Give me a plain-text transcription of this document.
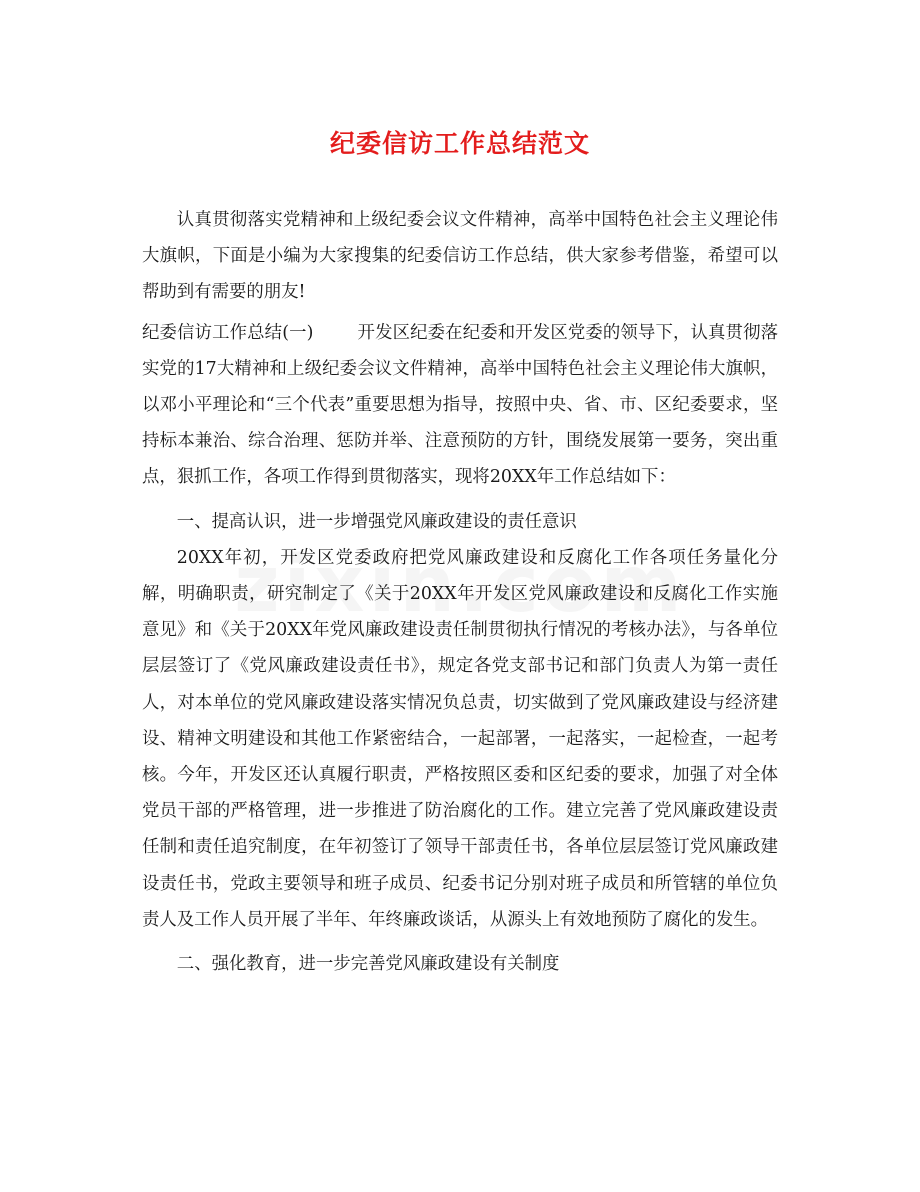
纪委信访工作总结范文

认真贯彻落实党精神和上级纪委会议文件精神，高举中国特色社会主义理论伟大旗帜，下面是小编为大家搜集的纪委信访工作总结，供大家参考借鉴，希望可以帮助到有需要的朋友!

纪委信访工作总结(一)	开发区纪委在纪委和开发区党委的领导下，认真贯彻落实党的17大精神和上级纪委会议文件精神，高举中国特色社会主义理论伟大旗帜，以邓小平理论和“三个代表”重要思想为指导，按照中央、省、市、区纪委要求，坚持标本兼治、综合治理、惩防并举、注意预防的方针，围绕发展第一要务，突出重点，狠抓工作，各项工作得到贯彻落实，现将20XX年工作总结如下：

一、提高认识，进一步增强党风廉政建设的责任意识

20XX年初，开发区党委政府把党风廉政建设和反腐化工作各项任务量化分解，明确职责，研究制定了《关于20XX年开发区党风廉政建设和反腐化工作实施意见》和《关于20XX年党风廉政建设责任制贯彻执行情况的考核办法》，与各单位层层签订了《党风廉政建设责任书》，规定各党支部书记和部门负责人为第一责任人，对本单位的党风廉政建设落实情况负总责，切实做到了党风廉政建设与经济建设、精神文明建设和其他工作紧密结合，一起部署，一起落实，一起检查，一起考核。今年，开发区还认真履行职责，严格按照区委和区纪委的要求，加强了对全体党员干部的严格管理，进一步推进了防治腐化的工作。建立完善了党风廉政建设责任制和责任追究制度，在年初签订了领导干部责任书，各单位层层签订党风廉政建设责任书，党政主要领导和班子成员、纪委书记分别对班子成员和所管辖的单位负责人及工作人员开展了半年、年终廉政谈话，从源头上有效地预防了腐化的发生。

二、强化教育，进一步完善党风廉政建设有关制度
